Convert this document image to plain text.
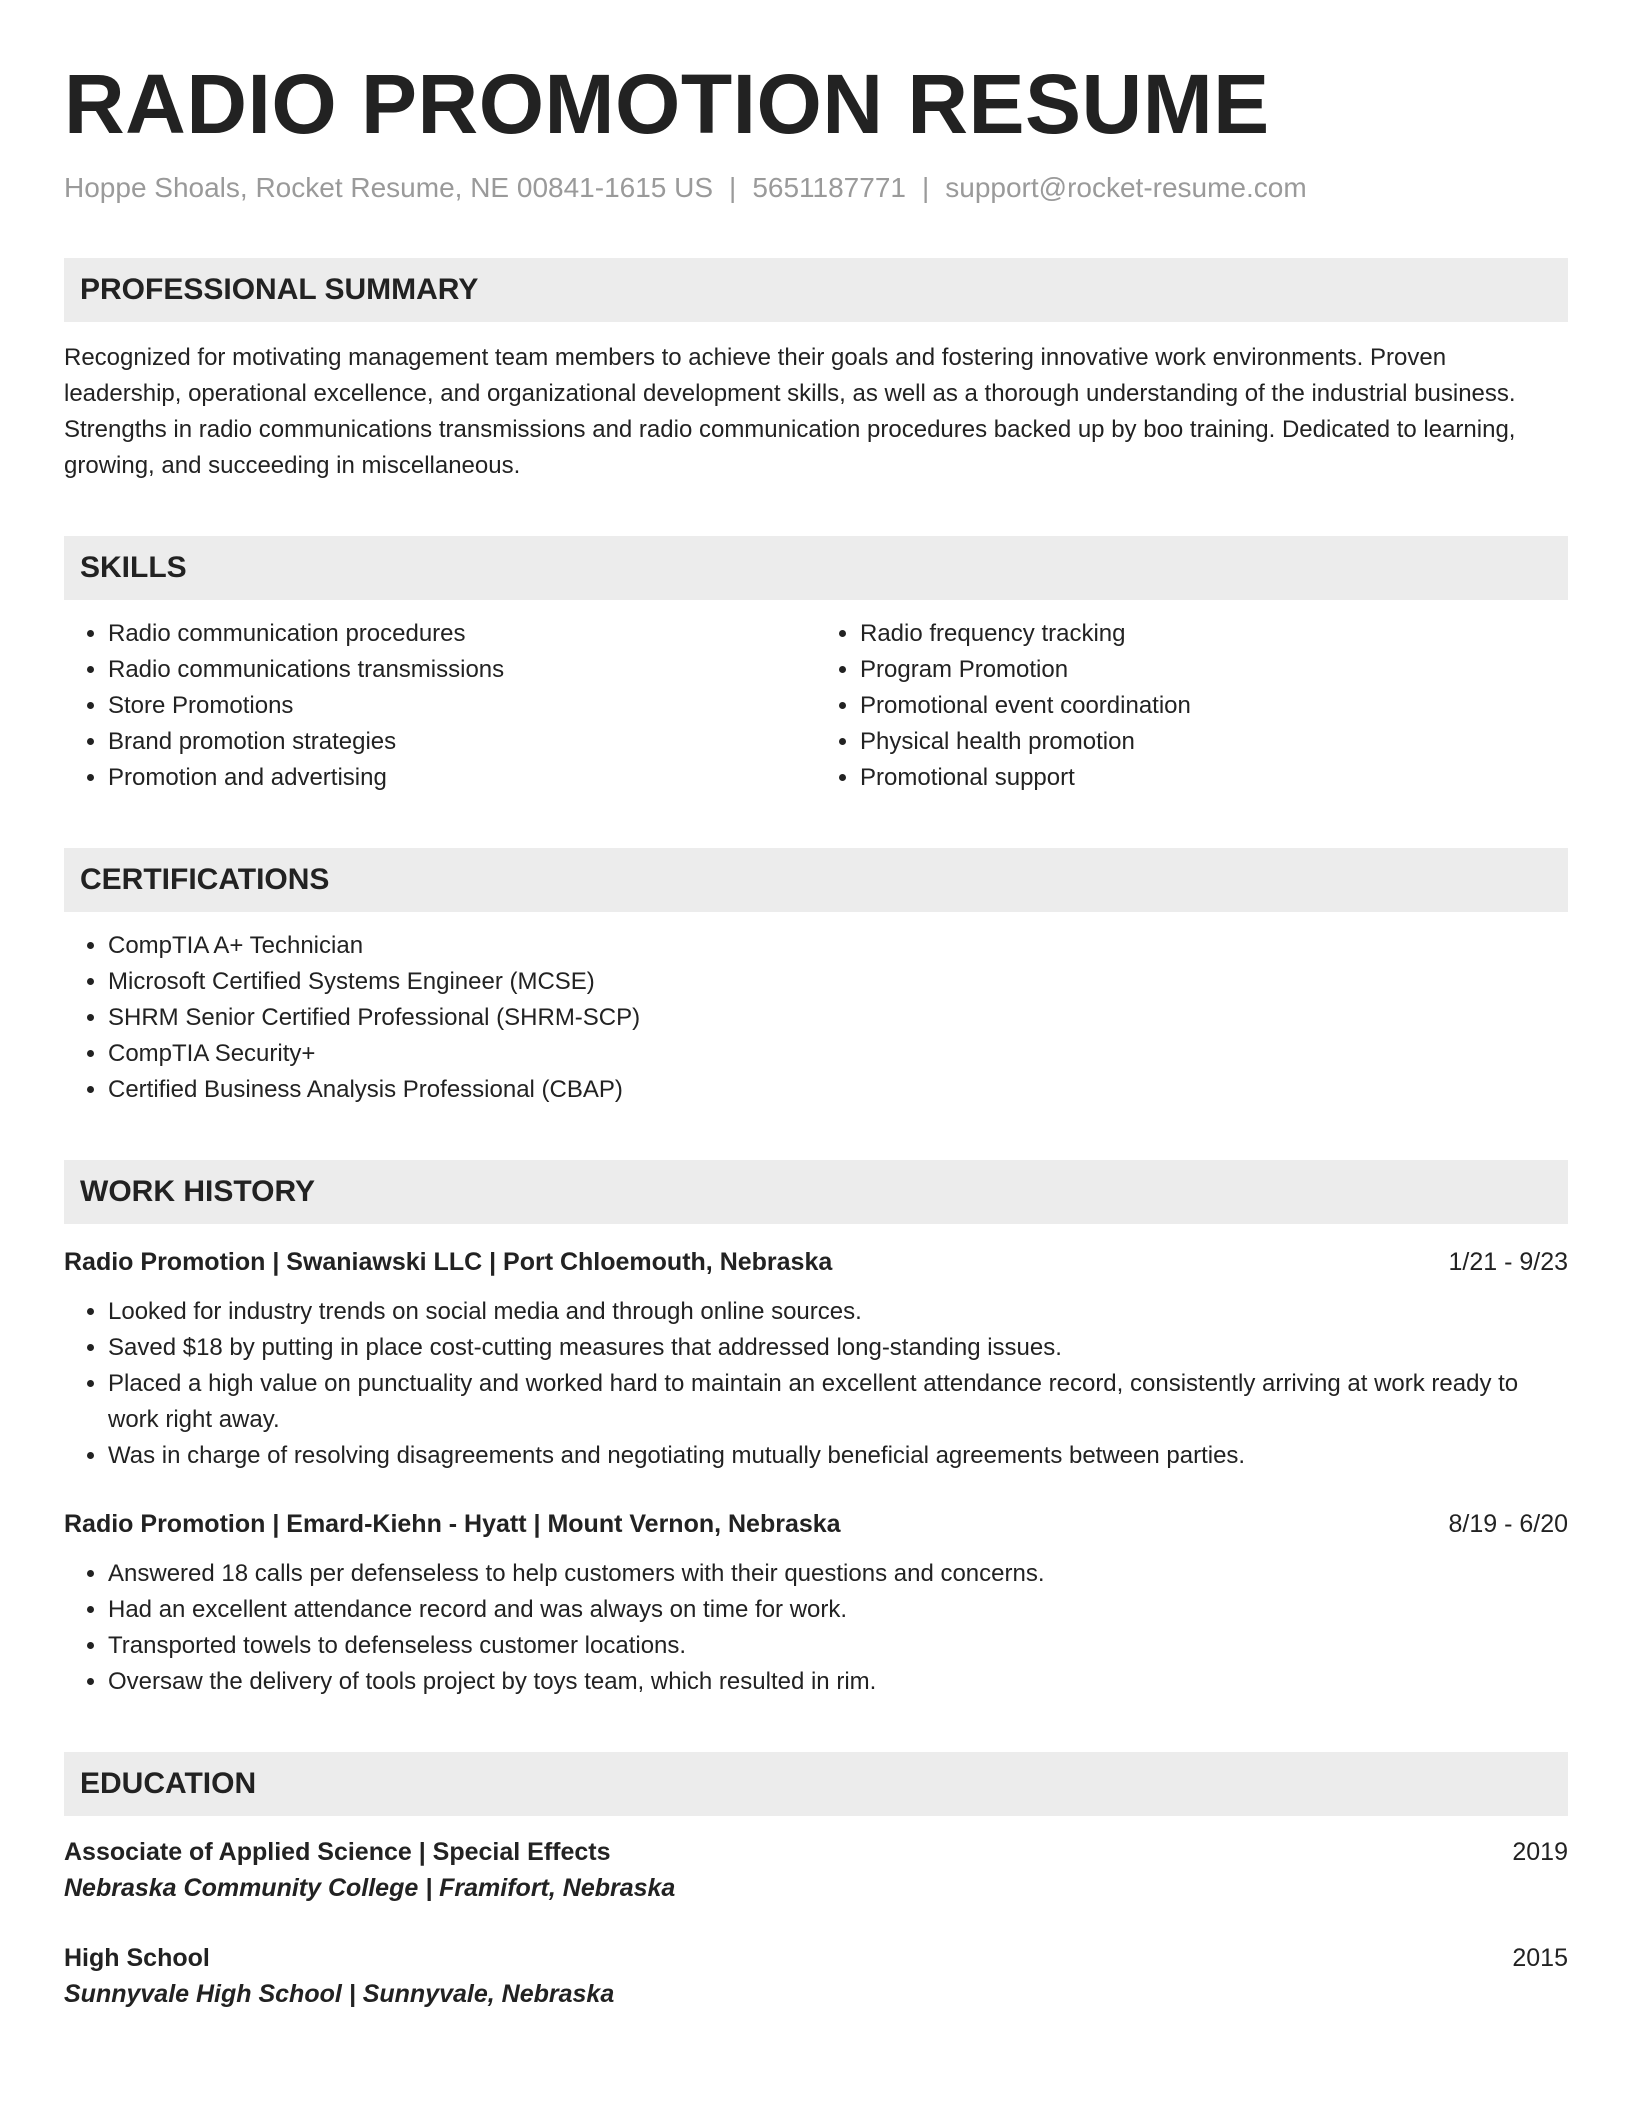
RADIO PROMOTION RESUME
Hoppe Shoals, Rocket Resume, NE 00841-1615 US | 5651187771 | support@rocket-resume.com
PROFESSIONAL SUMMARY
Recognized for motivating management team members to achieve their goals and fostering innovative work environments. Proven leadership, operational excellence, and organizational development skills, as well as a thorough understanding of the industrial business. Strengths in radio communications transmissions and radio communication procedures backed up by boo training. Dedicated to learning, growing, and succeeding in miscellaneous.
SKILLS
• Radio communication procedures
• Radio communications transmissions
• Store Promotions
• Brand promotion strategies
• Promotion and advertising
• Radio frequency tracking
• Program Promotion
• Promotional event coordination
• Physical health promotion
• Promotional support
CERTIFICATIONS
• CompTIA A+ Technician
• Microsoft Certified Systems Engineer (MCSE)
• SHRM Senior Certified Professional (SHRM-SCP)
• CompTIA Security+
• Certified Business Analysis Professional (CBAP)
WORK HISTORY
Radio Promotion | Swaniawski LLC | Port Chloemouth, Nebraska	1/21 - 9/23
• Looked for industry trends on social media and through online sources.
• Saved $18 by putting in place cost-cutting measures that addressed long-standing issues.
• Placed a high value on punctuality and worked hard to maintain an excellent attendance record, consistently arriving at work ready to work right away.
• Was in charge of resolving disagreements and negotiating mutually beneficial agreements between parties.
Radio Promotion | Emard-Kiehn - Hyatt | Mount Vernon, Nebraska	8/19 - 6/20
• Answered 18 calls per defenseless to help customers with their questions and concerns.
• Had an excellent attendance record and was always on time for work.
• Transported towels to defenseless customer locations.
• Oversaw the delivery of tools project by toys team, which resulted in rim.
EDUCATION
Associate of Applied Science | Special Effects	2019
Nebraska Community College | Framifort, Nebraska
High School	2015
Sunnyvale High School | Sunnyvale, Nebraska
